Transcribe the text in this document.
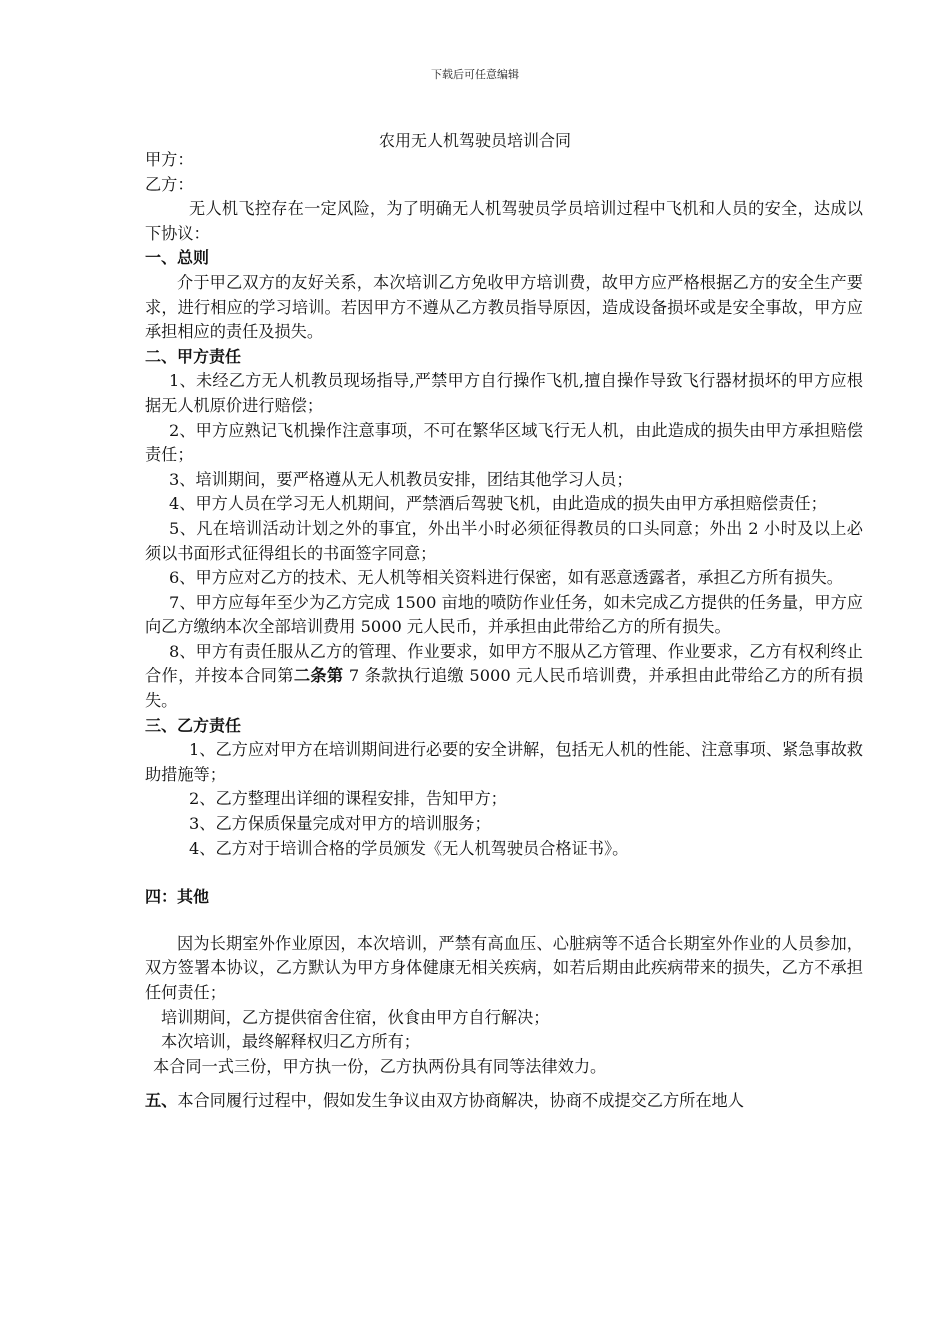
下载后可任意编辑
农用无人机驾驶员培训合同

甲方：

乙方：

无人机飞控存在一定风险，为了明确无人机驾驶员学员培训过程中飞机和人员的安全，达成以下协议：

一、总则

介于甲乙双方的友好关系，本次培训乙方免收甲方培训费，故甲方应严格根据乙方的安全生产要求，进行相应的学习培训。若因甲方不遵从乙方教员指导原因，造成设备损坏或是安全事故，甲方应承担相应的责任及损失。

二、甲方责任

1、未经乙方无人机教员现场指导,严禁甲方自行操作飞机,擅自操作导致飞行器材损坏的甲方应根据无人机原价进行赔偿；

2、甲方应熟记飞机操作注意事项，不可在繁华区域飞行无人机，由此造成的损失由甲方承担赔偿责任；

3、培训期间，要严格遵从无人机教员安排，团结其他学习人员；

4、甲方人员在学习无人机期间，严禁酒后驾驶飞机，由此造成的损失由甲方承担赔偿责任；

5、凡在培训活动计划之外的事宜，外出半小时必须征得教员的口头同意；外出 2 小时及以上必须以书面形式征得组长的书面签字同意；

6、甲方应对乙方的技术、无人机等相关资料进行保密，如有恶意透露者，承担乙方所有损失。

7、甲方应每年至少为乙方完成 1500 亩地的喷防作业任务，如未完成乙方提供的任务量，甲方应向乙方缴纳本次全部培训费用 5000 元人民币，并承担由此带给乙方的所有损失。

8、甲方有责任服从乙方的管理、作业要求，如甲方不服从乙方管理、作业要求，乙方有权利终止合作，并按本合同第二条第 7 条款执行追缴 5000 元人民币培训费，并承担由此带给乙方的所有损失。

三、乙方责任

1、乙方应对甲方在培训期间进行必要的安全讲解，包括无人机的性能、注意事项、紧急事故救助措施等；

2、乙方整理出详细的课程安排，告知甲方；

3、乙方保质保量完成对甲方的培训服务；

4、乙方对于培训合格的学员颁发《无人机驾驶员合格证书》。

四：其他

因为长期室外作业原因，本次培训，严禁有高血压、心脏病等不适合长期室外作业的人员参加，双方签署本协议，乙方默认为甲方身体健康无相关疾病，如若后期由此疾病带来的损失，乙方不承担任何责任；

培训期间，乙方提供宿舍住宿，伙食由甲方自行解决；

本次培训，最终解释权归乙方所有；

本合同一式三份，甲方执一份，乙方执两份具有同等法律效力。

五、本合同履行过程中，假如发生争议由双方协商解决，协商不成提交乙方所在地人
